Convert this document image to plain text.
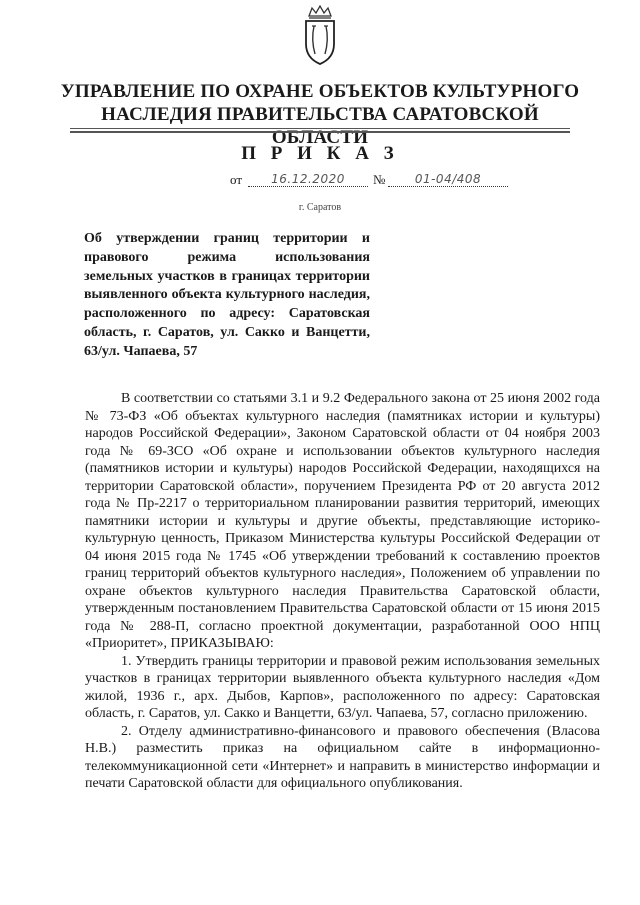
УПРАВЛЕНИЕ ПО ОХРАНЕ ОБЪЕКТОВ КУЛЬТУРНОГО
НАСЛЕДИЯ ПРАВИТЕЛЬСТВА САРАТОВСКОЙ ОБЛАСТИ
П Р И К А З
от	16.12.2020	№	01-04/408
г. Саратов
Об утверждении границ территории и правового режима использования земельных участков в границах территории выявленного объекта культурного наследия, расположенного по адресу: Саратовская область, г. Саратов, ул. Сакко и Ванцетти, 63/ул. Чапаева, 57

В соответствии со статьями 3.1 и 9.2 Федерального закона от 25 июня 2002 года № 73-ФЗ «Об объектах культурного наследия (памятниках истории и культуры) народов Российской Федерации», Законом Саратовской области от 04 ноября 2003 года № 69-ЗСО «Об охране и использовании объектов культурного наследия (памятников истории и культуры) народов Российской Федерации, находящихся на территории Саратовской области», поручением Президента РФ от 20 августа 2012 года № Пр-2217 о территориальном планировании развития территорий, имеющих памятники истории и культуры и другие объекты, представляющие историко-культурную ценность, Приказом Министерства культуры Российской Федерации от 04 июня 2015 года № 1745 «Об утверждении требований к составлению проектов границ территорий объектов культурного наследия», Положением об управлении по охране объектов культурного наследия Правительства Саратовской области, утвержденным постановлением Правительства Саратовской области от 15 июня 2015 года № 288-П, согласно проектной документации, разработанной ООО НПЦ «Приоритет», ПРИКАЗЫВАЮ:

1. Утвердить границы территории и правовой режим использования земельных участков в границах территории выявленного объекта культурного наследия «Дом жилой, 1936 г., арх. Дыбов, Карпов», расположенного по адресу: Саратовская область, г. Саратов, ул. Сакко и Ванцетти, 63/ул. Чапаева, 57, согласно приложению.

2. Отделу административно-финансового и правового обеспечения (Власова Н.В.) разместить приказ на официальном сайте в информационно-телекоммуникационной сети «Интернет» и направить в министерство информации и печати Саратовской области для официального опубликования.
